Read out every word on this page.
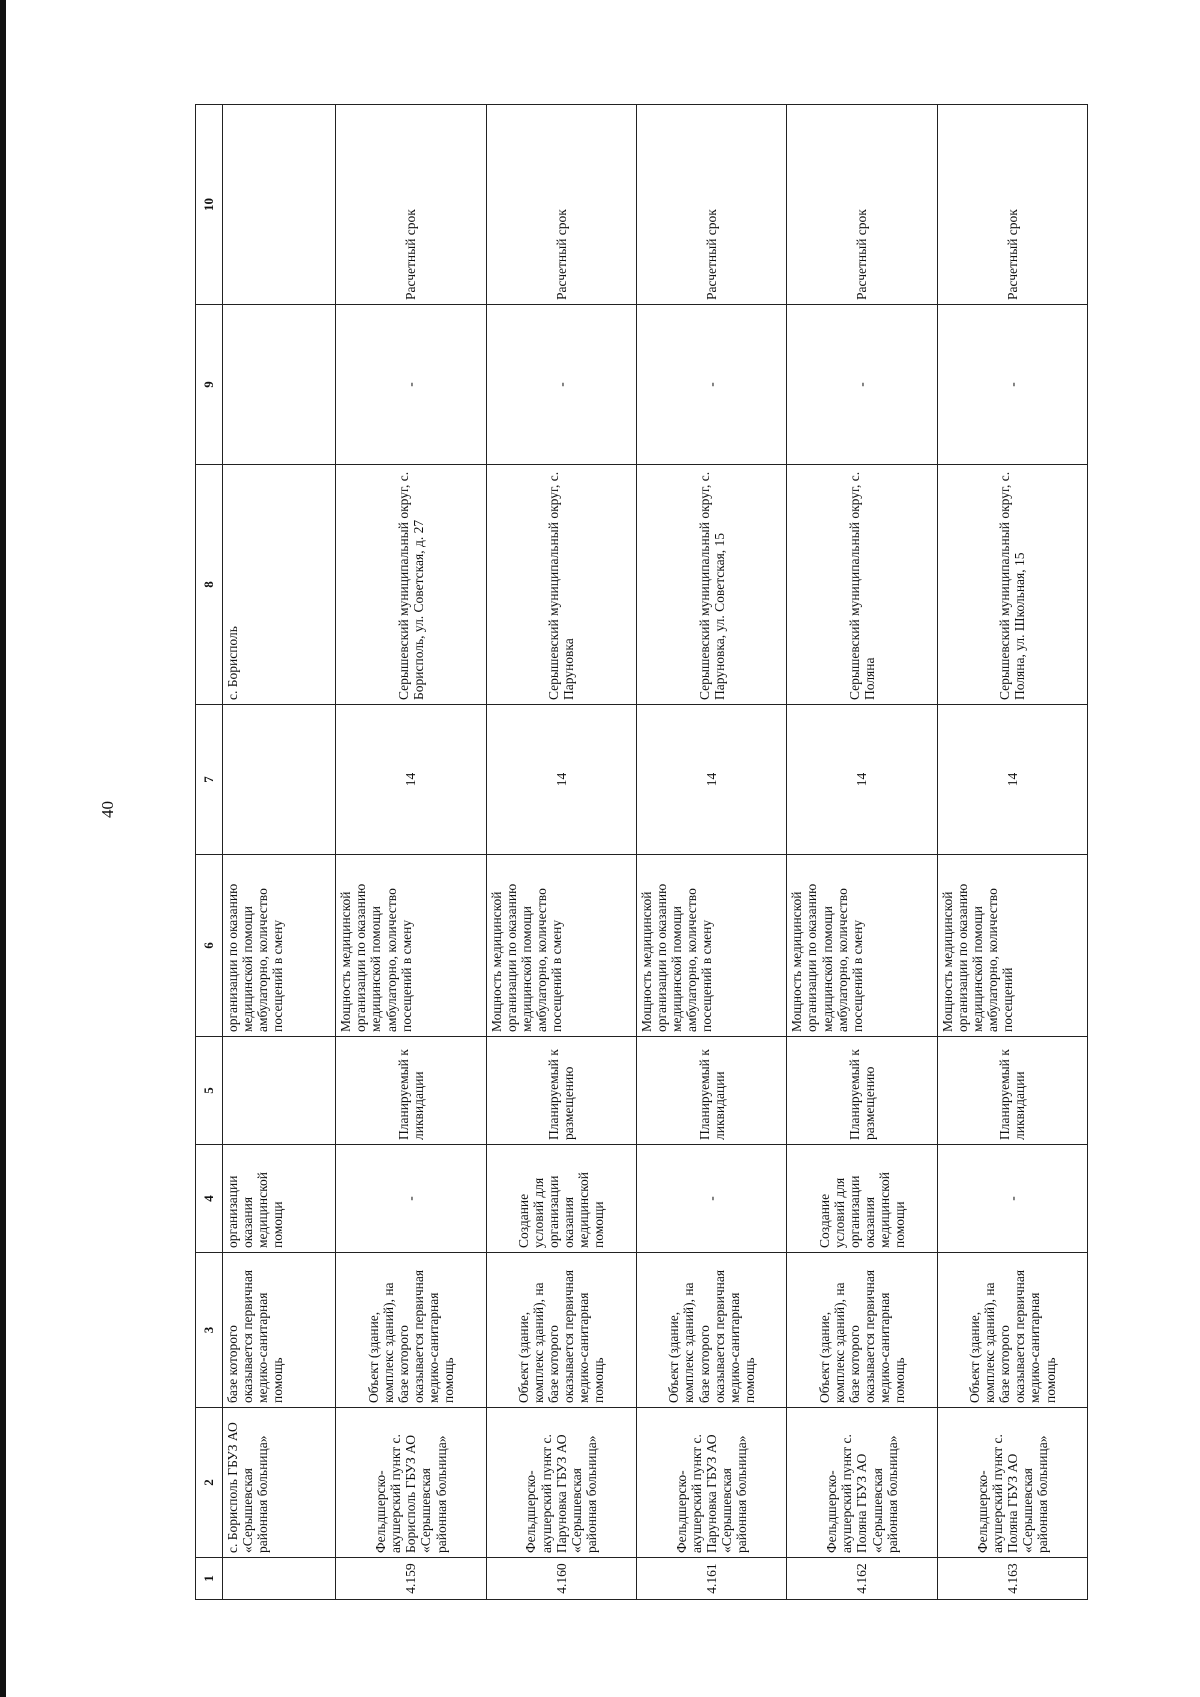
40
1	2	3	4	5	6	7	8	9	10
	с. Борисполь ГБУЗ АО «Серышевская районная больница»	базе которого оказывается первичная медико-санитарная помощь	организации оказания медицинской помощи		организации по оказанию медицинской помощи амбулаторно, количество посещений в смену		с. Борисполь		
4.159	Фельдшерско-акушерский пункт с. Борисполь ГБУЗ АО «Серышевская районная больница»	Объект (здание, комплекс зданий), на базе которого оказывается первичная медико-санитарная помощь	-	Планируемый к ликвидации	Мощность медицинской организации по оказанию медицинской помощи амбулаторно, количество посещений в смену	14	Серышевский муниципальный округ, с. Борисполь, ул. Советская, д. 27	-	Расчетный срок
4.160	Фельдшерско-акушерский пункт с. Паруновка ГБУЗ АО «Серышевская районная больница»	Объект (здание, комплекс зданий), на базе которого оказывается первичная медико-санитарная помощь	Создание условий для организации оказания медицинской помощи	Планируемый к размещению	Мощность медицинской организации по оказанию медицинской помощи амбулаторно, количество посещений в смену	14	Серышевский муниципальный округ, с. Паруновка	-	Расчетный срок
4.161	Фельдшерско-акушерский пункт с. Паруновка ГБУЗ АО «Серышевская районная больница»	Объект (здание, комплекс зданий), на базе которого оказывается первичная медико-санитарная помощь	-	Планируемый к ликвидации	Мощность медицинской организации по оказанию медицинской помощи амбулаторно, количество посещений в смену	14	Серышевский муниципальный округ, с. Паруновка, ул. Советская, 15	-	Расчетный срок
4.162	Фельдшерско-акушерский пункт с. Поляна ГБУЗ АО «Серышевская районная больница»	Объект (здание, комплекс зданий), на базе которого оказывается первичная медико-санитарная помощь	Создание условий для организации оказания медицинской помощи	Планируемый к размещению	Мощность медицинской организации по оказанию медицинской помощи амбулаторно, количество посещений в смену	14	Серышевский муниципальный округ, с. Поляна	-	Расчетный срок
4.163	Фельдшерско-акушерский пункт с. Поляна ГБУЗ АО «Серышевская районная больница»	Объект (здание, комплекс зданий), на базе которого оказывается первичная медико-санитарная помощь	-	Планируемый к ликвидации	Мощность медицинской организации по оказанию медицинской помощи амбулаторно, количество посещений	14	Серышевский муниципальный округ, с. Поляна, ул. Школьная, 15	-	Расчетный срок
